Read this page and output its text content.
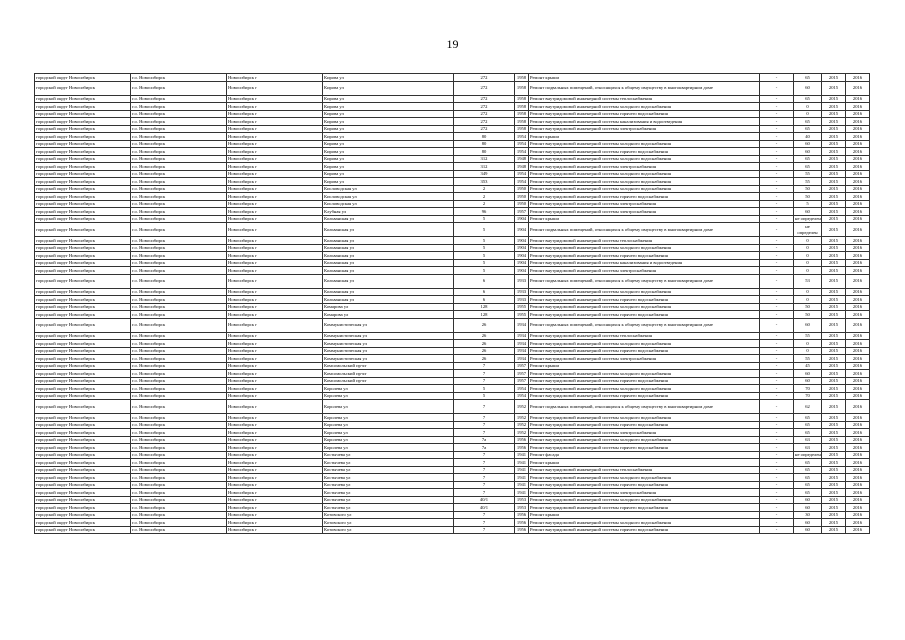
19
городской округ Новосибирск	г.о. Новосибирск	Новосибирск г	Кирова ул	272	1958	Ремонт крыши	-	65	2015	2016
городской округ Новосибирск	г.о. Новосибирск	Новосибирск г	Кирова ул	272	1958	Ремонт подвальных помещений, относящихся к общему имуществу в многоквартирном доме	-	60	2015	2016
городской округ Новосибирск	г.о. Новосибирск	Новосибирск г	Кирова ул	272	1958	Ремонт внутридомовой инженерной системы теплоснабжения	-	65	2015	2016
городской округ Новосибирск	г.о. Новосибирск	Новосибирск г	Кирова ул	272	1958	Ремонт внутридомовой инженерной системы холодного водоснабжения	-	0	2015	2016
городской округ Новосибирск	г.о. Новосибирск	Новосибирск г	Кирова ул	272	1958	Ремонт внутридомовой инженерной системы горячего водоснабжения	-	0	2015	2016
городской округ Новосибирск	г.о. Новосибирск	Новосибирск г	Кирова ул	272	1958	Ремонт внутридомовой инженерной системы канализования и водоотведения	-	65	2015	2016
городской округ Новосибирск	г.о. Новосибирск	Новосибирск г	Кирова ул	272	1958	Ремонт внутридомовой инженерной системы электроснабжения	-	65	2015	2016
городской округ Новосибирск	г.о. Новосибирск	Новосибирск г	Кирова ул	80	1954	Ремонт крыши	-	40	2015	2016
городской округ Новосибирск	г.о. Новосибирск	Новосибирск г	Кирова ул	80	1954	Ремонт внутридомовой инженерной системы холодного водоснабжения	-	60	2015	2016
городской округ Новосибирск	г.о. Новосибирск	Новосибирск г	Кирова ул	80	1954	Ремонт внутридомовой инженерной системы горячего водоснабжения	-	60	2015	2016
городской округ Новосибирск	г.о. Новосибирск	Новосибирск г	Кирова ул	312	1948	Ремонт внутридомовой инженерной системы холодного водоснабжения	-	65	2015	2016
городской округ Новосибирск	г.о. Новосибирск	Новосибирск г	Кирова ул	312	1948	Ремонт внутридомовой инженерной системы электроснабжения	-	65	2015	2016
городской округ Новосибирск	г.о. Новосибирск	Новосибирск г	Кирова ул	349	1954	Ремонт внутридомовой инженерной системы холодного водоснабжения	-	55	2015	2016
городской округ Новосибирск	г.о. Новосибирск	Новосибирск г	Кирова ул	353	1954	Ремонт внутридомовой инженерной системы холодного водоснабжения	-	55	2015	2016
городской округ Новосибирск	г.о. Новосибирск	Новосибирск г	Кисловодская ул	2	1950	Ремонт внутридомовой инженерной системы холодного водоснабжения	-	50	2015	2016
городской округ Новосибирск	г.о. Новосибирск	Новосибирск г	Кисловодская ул	2	1950	Ремонт внутридомовой инженерной системы горячего водоснабжения	-	50	2015	2016
городской округ Новосибирск	г.о. Новосибирск	Новосибирск г	Кисловодская ул	2	1950	Ремонт внутридомовой инженерной системы электроснабжения	-	5	2015	2016
городской округ Новосибирск	г.о. Новосибирск	Новосибирск г	Клубная ул	96	1957	Ремонт внутридомовой инженерной системы электроснабжения	-	60	2015	2016
городской округ Новосибирск	г.о. Новосибирск	Новосибирск г	Кольванская ул	5	1904	Ремонт крыши	-	не определен	2015	2016
городской округ Новосибирск	г.о. Новосибирск	Новосибирск г	Кольванская ул	5	1904	Ремонт подвальных помещений, относящихся к общему имуществу в многоквартирном доме	-	не определен	2015	2016
городской округ Новосибирск	г.о. Новосибирск	Новосибирск г	Кольванская ул	5	1904	Ремонт внутридомовой инженерной системы теплоснабжения	-	0	2015	2016
городской округ Новосибирск	г.о. Новосибирск	Новосибирск г	Кольванская ул	5	1904	Ремонт внутридомовой инженерной системы холодного водоснабжения	-	0	2015	2016
городской округ Новосибирск	г.о. Новосибирск	Новосибирск г	Кольванская ул	5	1904	Ремонт внутридомовой инженерной системы горячего водоснабжения	-	0	2015	2016
городской округ Новосибирск	г.о. Новосибирск	Новосибирск г	Кольванская ул	5	1904	Ремонт внутридомовой инженерной системы канализования и водоотведения	-	0	2015	2016
городской округ Новосибирск	г.о. Новосибирск	Новосибирск г	Кольванская ул	5	1904	Ремонт внутридомовой инженерной системы электроснабжения	-	0	2015	2016
городской округ Новосибирск	г.о. Новосибирск	Новосибирск г	Кольванская ул	6	1933	Ремонт подвальных помещений, относящихся к общему имуществу в многоквартирном доме	-	53	2015	2016
городской округ Новосибирск	г.о. Новосибирск	Новосибирск г	Кольванская ул	6	1933	Ремонт внутридомовой инженерной системы холодного водоснабжения	-	0	2015	2016
городской округ Новосибирск	г.о. Новосибирск	Новосибирск г	Кольванская ул	6	1933	Ремонт внутридомовой инженерной системы горячего водоснабжения	-	0	2015	2016
городской округ Новосибирск	г.о. Новосибирск	Новосибирск г	Комарова ул	128	1955	Ремонт внутридомовой инженерной системы холодного водоснабжения	-	50	2015	2016
городской округ Новосибирск	г.о. Новосибирск	Новосибирск г	Комарова ул	128	1955	Ремонт внутридомовой инженерной системы горячего водоснабжения	-	50	2015	2016
городской округ Новосибирск	г.о. Новосибирск	Новосибирск г	Коммунистическая ул	26	1934	Ремонт подвальных помещений, относящихся к общему имуществу в многоквартирном доме	-	60	2015	2016
городской округ Новосибирск	г.о. Новосибирск	Новосибирск г	Коммунистическая ул	26	1934	Ремонт внутридомовой инженерной системы теплоснабжения	-	55	2015	2016
городской округ Новосибирск	г.о. Новосибирск	Новосибирск г	Коммунистическая ул	26	1934	Ремонт внутридомовой инженерной системы холодного водоснабжения	-	0	2015	2016
городской округ Новосибирск	г.о. Новосибирск	Новосибирск г	Коммунистическая ул	26	1934	Ремонт внутридомовой инженерной системы горячего водоснабжения	-	0	2015	2016
городской округ Новосибирск	г.о. Новосибирск	Новосибирск г	Коммунистическая ул	26	1934	Ремонт внутридомовой инженерной системы электроснабжения	-	55	2015	2016
городской округ Новосибирск	г.о. Новосибирск	Новосибирск г	Комсомольский пр-кт	7	1957	Ремонт крыши	-	45	2015	2016
городской округ Новосибирск	г.о. Новосибирск	Новосибирск г	Комсомольский пр-кт	7	1957	Ремонт внутридомовой инженерной системы холодного водоснабжения	-	60	2015	2016
городской округ Новосибирск	г.о. Новосибирск	Новосибирск г	Комсомольский пр-кт	7	1957	Ремонт внутридомовой инженерной системы горячего водоснабжения	-	60	2015	2016
городской округ Новосибирск	г.о. Новосибирск	Новосибирск г	Королева ул	5	1954	Ремонт внутридомовой инженерной системы холодного водоснабжения	-	70	2015	2016
городской округ Новосибирск	г.о. Новосибирск	Новосибирск г	Королева ул	5	1954	Ремонт внутридомовой инженерной системы горячего водоснабжения	-	70	2015	2016
городской округ Новосибирск	г.о. Новосибирск	Новосибирск г	Королева ул	7	1952	Ремонт подвальных помещений, относящихся к общему имуществу в многоквартирном доме	-	62	2015	2016
городской округ Новосибирск	г.о. Новосибирск	Новосибирск г	Королева ул	7	1952	Ремонт внутридомовой инженерной системы холодного водоснабжения	-	65	2015	2016
городской округ Новосибирск	г.о. Новосибирск	Новосибирск г	Королева ул	7	1952	Ремонт внутридомовой инженерной системы горячего водоснабжения	-	65	2015	2016
городской округ Новосибирск	г.о. Новосибирск	Новосибирск г	Королева ул	7	1952	Ремонт внутридомовой инженерной системы электроснабжения	-	65	2015	2016
городской округ Новосибирск	г.о. Новосибирск	Новосибирск г	Королева ул	7а	1956	Ремонт внутридомовой инженерной системы холодного водоснабжения	-	63	2015	2016
городской округ Новосибирск	г.о. Новосибирск	Новосибирск г	Королева ул	7а	1956	Ремонт внутридомовой инженерной системы горячего водоснабжения	-	63	2015	2016
городской округ Новосибирск	г.о. Новосибирск	Новосибирск г	Костычева ул	7	1941	Ремонт фасада	-	не определен	2015	2016
городской округ Новосибирск	г.о. Новосибирск	Новосибирск г	Костычева ул	7	1941	Ремонт крыши	-	65	2015	2016
городской округ Новосибирск	г.о. Новосибирск	Новосибирск г	Костычева ул	7	1941	Ремонт внутридомовой инженерной системы теплоснабжения	-	65	2015	2016
городской округ Новосибирск	г.о. Новосибирск	Новосибирск г	Костычева ул	7	1941	Ремонт внутридомовой инженерной системы холодного водоснабжения	-	65	2015	2016
городской округ Новосибирск	г.о. Новосибирск	Новосибирск г	Костычева ул	7	1941	Ремонт внутридомовой инженерной системы горячего водоснабжения	-	65	2015	2016
городской округ Новосибирск	г.о. Новосибирск	Новосибирск г	Костычева ул	7	1941	Ремонт внутридомовой инженерной системы электроснабжения	-	65	2015	2016
городской округ Новосибирск	г.о. Новосибирск	Новосибирск г	Костычева ул	40/1	1953	Ремонт внутридомовой инженерной системы холодного водоснабжения	-	60	2015	2016
городской округ Новосибирск	г.о. Новосибирск	Новосибирск г	Костычева ул	40/1	1953	Ремонт внутридомовой инженерной системы горячего водоснабжения	-	60	2015	2016
городской округ Новосибирск	г.о. Новосибирск	Новосибирск г	Котовского ул	7	1956	Ремонт крыши	-	30	2015	2016
городской округ Новосибирск	г.о. Новосибирск	Новосибирск г	Котовского ул	7	1956	Ремонт внутридомовой инженерной системы холодного водоснабжения	-	60	2015	2016
городской округ Новосибирск	г.о. Новосибирск	Новосибирск г	Котовского ул	7	1956	Ремонт внутридомовой инженерной системы горячего водоснабжения	-	60	2015	2016
